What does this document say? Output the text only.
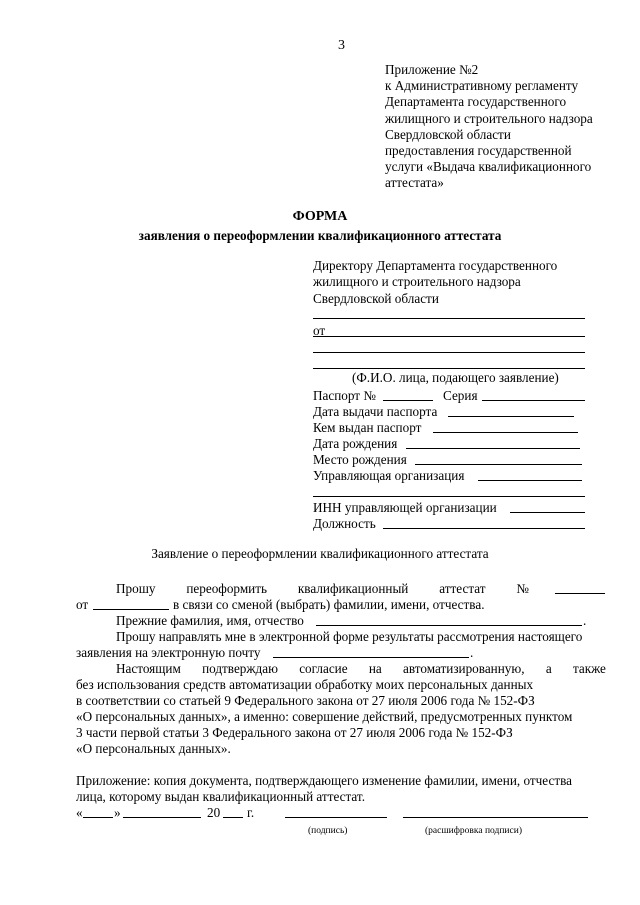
3
Приложение №2
к Административному регламенту
Департамента государственного
жилищного и строительного надзора
Свердловской области
предоставления государственной
услуги «Выдача квалификационного
аттестата»
ФОРМА
заявления о переоформлении квалификационного аттестата
Директору Департамента государственного
жилищного и строительного надзора
Свердловской области
от
(Ф.И.О. лица, подающего заявление)
Паспорт №	Серия
Дата выдачи паспорта
Кем выдан паспорт
Дата рождения
Место рождения
Управляющая организация
ИНН управляющей организации
Должность
Заявление о переоформлении квалификационного аттестата
Прошу переоформить квалификационный аттестат №
от	в связи со сменой (выбрать) фамилии, имени, отчества.
Прежние фамилия, имя, отчество	.
Прошу направлять мне в электронной форме результаты рассмотрения настоящего
заявления на электронную почту	.
Настоящим подтверждаю согласие на автоматизированную, а также
без использования средств автоматизации обработку моих персональных данных
в соответствии со статьей 9 Федерального закона от 27 июля 2006 года № 152-ФЗ
«О персональных данных», а именно: совершение действий, предусмотренных пунктом
3 части первой статьи 3 Федерального закона от 27 июля 2006 года № 152-ФЗ
«О персональных данных».
Приложение: копия документа, подтверждающего изменение фамилии, имени, отчества
лица, которому выдан квалификационный аттестат.
« »	20 г.
(подпись)	(расшифровка подписи)
